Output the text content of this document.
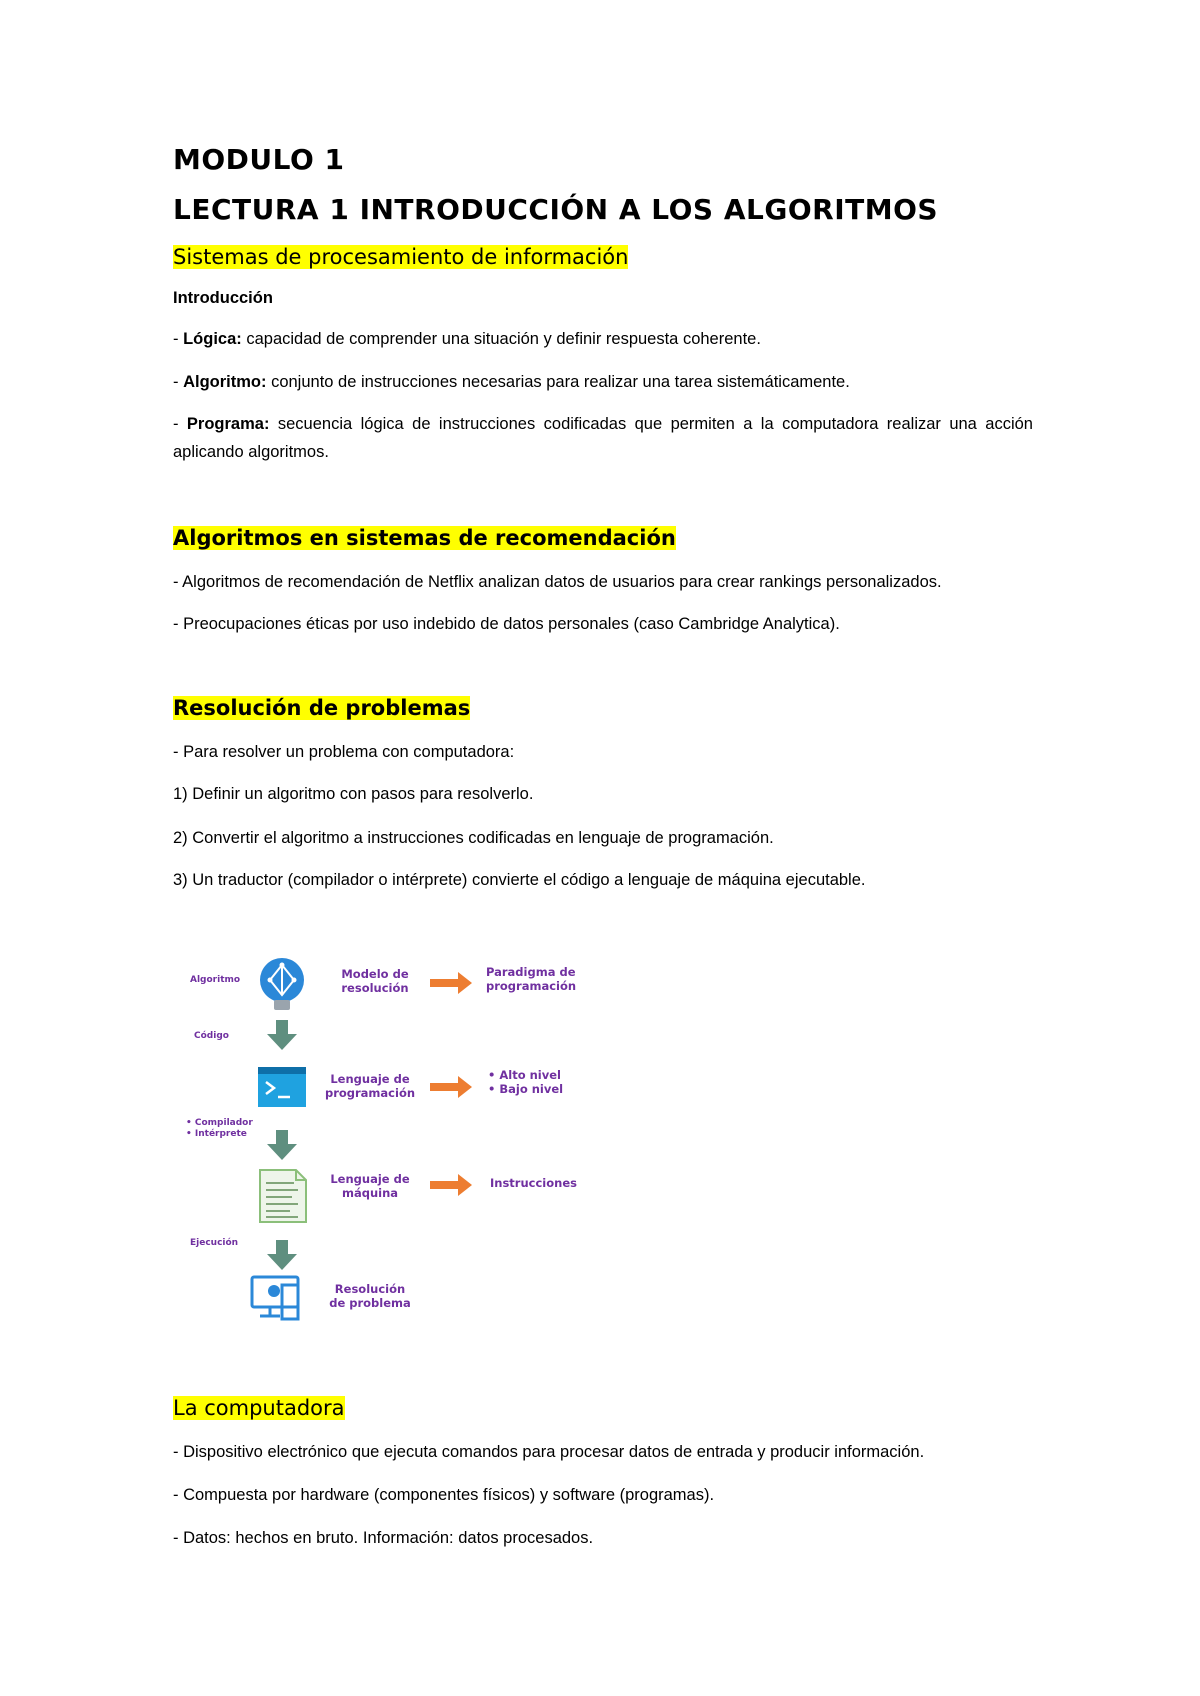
MODULO 1
LECTURA 1 INTRODUCCIÓN A LOS ALGORITMOS
Sistemas de procesamiento de información
Introducción
- Lógica: capacidad de comprender una situación y definir respuesta coherente.
- Algoritmo: conjunto de instrucciones necesarias para realizar una tarea sistemáticamente.
- Programa: secuencia lógica de instrucciones codificadas que permiten a la computadora realizar una acción aplicando algoritmos.
Algoritmos en sistemas de recomendación
- Algoritmos de recomendación de Netflix analizan datos de usuarios para crear rankings personalizados.
- Preocupaciones éticas por uso indebido de datos personales (caso Cambridge Analytica).
Resolución de problemas
- Para resolver un problema con computadora:
1) Definir un algoritmo con pasos para resolverlo.
2) Convertir el algoritmo a instrucciones codificadas en lenguaje de programación.
3) Un traductor (compilador o intérprete) convierte el código a lenguaje de máquina ejecutable.
La computadora
- Dispositivo electrónico que ejecuta comandos para procesar datos de entrada y producir información.
- Compuesta por hardware (componentes físicos) y software (programas).
- Datos: hechos en bruto. Información: datos procesados.
Algoritmo
Código
• Compilador
• Intérprete
Ejecución
Modelo de
resolución
Lenguaje de
programación
Lenguaje de
máquina
Resolución
de problema
Paradigma de
programación
• Alto nivel
• Bajo nivel
Instrucciones
